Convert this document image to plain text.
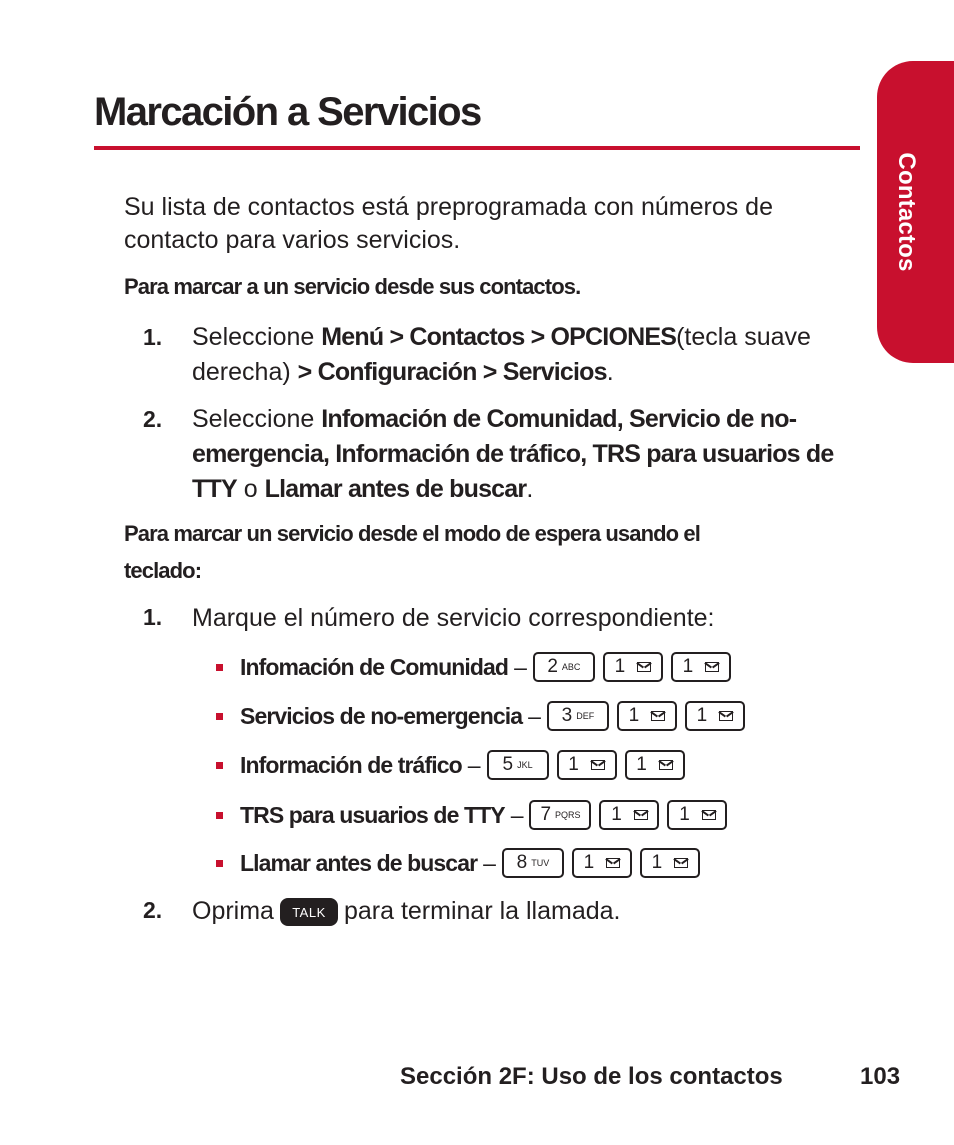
Marcación a Servicios
Contactos

Su lista de contactos está preprogramada con números de contacto para varios servicios.

Para marcar a un servicio desde sus contactos.

1. Seleccione Menú > Contactos > OPCIONES(tecla suave derecha) > Configuración > Servicios.

2. Seleccione Infomación de Comunidad, Servicio de no-emergencia, Información de tráfico, TRS para usuarios de TTY o Llamar antes de buscar.

Para marcar un servicio desde el modo de espera usando el

teclado:

1. Marque el número de servicio correspondiente:

Infomación de Comunidad – 2 ABC 1	1
Servicios de no-emergencia – 3 DEF 1	1
Información de tráfico – 5 JKL 1	1
TRS para usuarios de TTY – 7 PQRS 1	1
Llamar antes de buscar – 8 TUV 1	1
2. Oprima TALK para terminar la llamada.

Sección 2F: Uso de los contactos	103
